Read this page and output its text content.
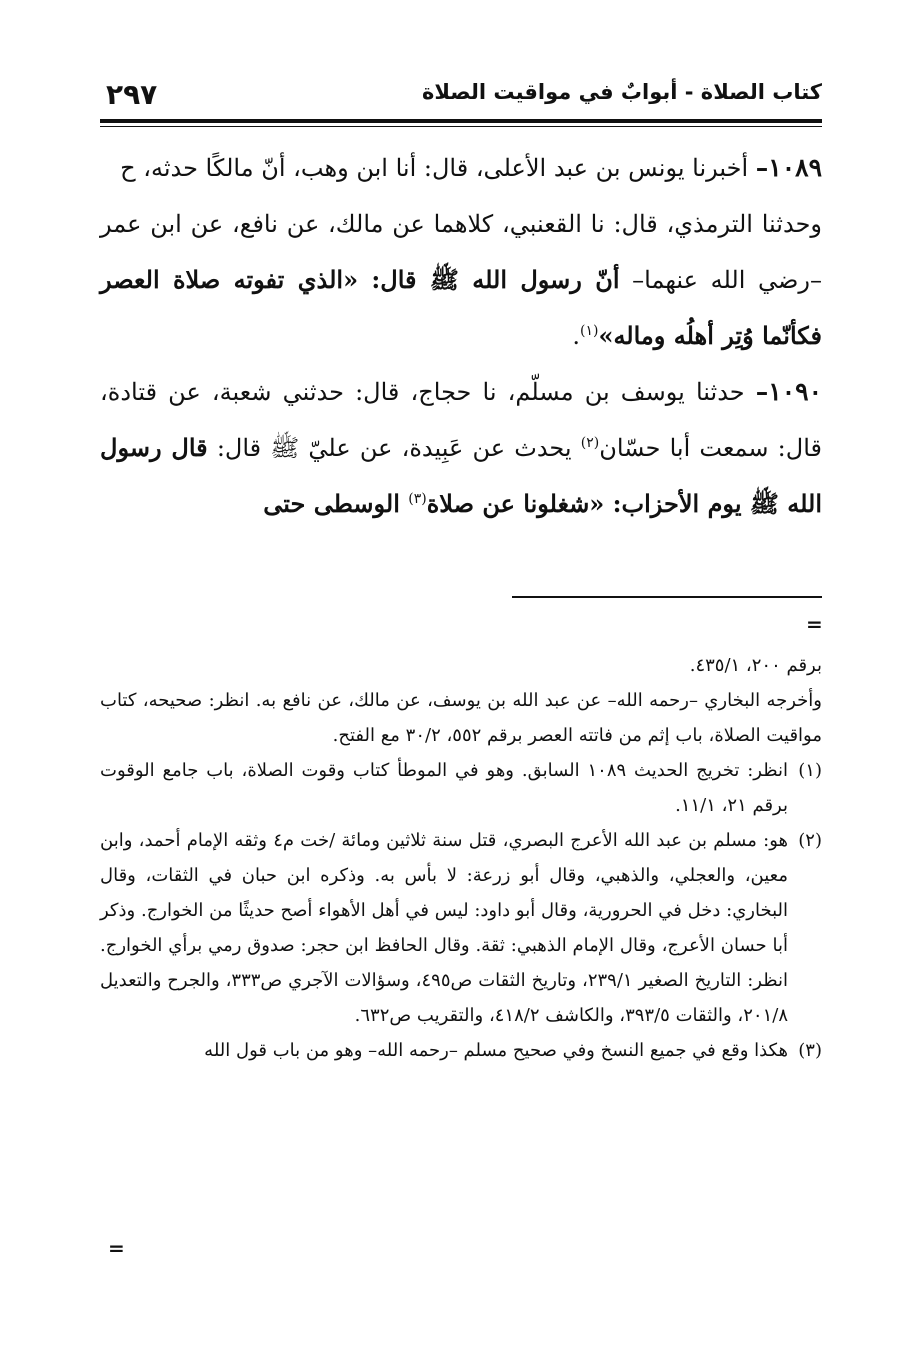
كتاب الصلاة - أبوابٌ في مواقيت الصلاة
٢٩٧

١٠٨٩– أخبرنا يونس بن عبد الأعلى، قال: أنا ابن وهب، أنّ مالكًا حدثه، ح

وحدثنا الترمذي، قال: نا القعنبي، كلاهما عن مالك، عن نافع، عن ابن عمر –رضي الله عنهما– أنّ رسول الله ﷺ قال: «الذي تفوته صلاة العصر فكأنّما وُتِر أهلُه وماله»$^{(١)}$.

١٠٩٠– حدثنا يوسف بن مسلّم، نا حجاج، قال: حدثني شعبة، عن قتادة، قال: سمعت أبا حسّان$^{(٢)}$ يحدث عن عَبِيدة، عن عليّ ﷺ قال: قال رسول الله ﷺ يوم الأحزاب: «شغلونا عن صلاة$^{(٣)}$ الوسطى حتى

=

برقم ٢٠٠، ٤٣٥/١.

وأخرجه البخاري –رحمه الله– عن عبد الله بن يوسف، عن مالك، عن نافع به. انظر: صحيحه، كتاب مواقيت الصلاة، باب إثم من فاتته العصر برقم ٥٥٢، ٣٠/٢ مع الفتح.

(١)
انظر: تخريج الحديث ١٠٨٩ السابق. وهو في الموطأ كتاب وقوت الصلاة، باب جامع الوقوت برقم ٢١، ١١/١.

(٢)
هو: مسلم بن عبد الله الأعرج البصري، قتل سنة ثلاثين ومائة /خت م٤ وثقه الإمام أحمد، وابن معين، والعجلي، والذهبي، وقال أبو زرعة: لا بأس به. وذكره ابن حبان في الثقات، وقال البخاري: دخل في الحرورية، وقال أبو داود: ليس في أهل الأهواء أصح حديثًا من الخوارج. وذكر أبا حسان الأعرج، وقال الإمام الذهبي: ثقة. وقال الحافظ ابن حجر: صدوق رمي برأي الخوارج. انظر: التاريخ الصغير ٢٣٩/١، وتاريخ الثقات ص٤٩٥، وسؤالات الآجري ص٣٣٣، والجرح والتعديل ٢٠١/٨، والثقات ٣٩٣/٥، والكاشف ٤١٨/٢، والتقريب ص٦٣٢.

(٣)
هكذا وقع في جميع النسخ وفي صحيح مسلم –رحمه الله– وهو من باب قول الله

=
